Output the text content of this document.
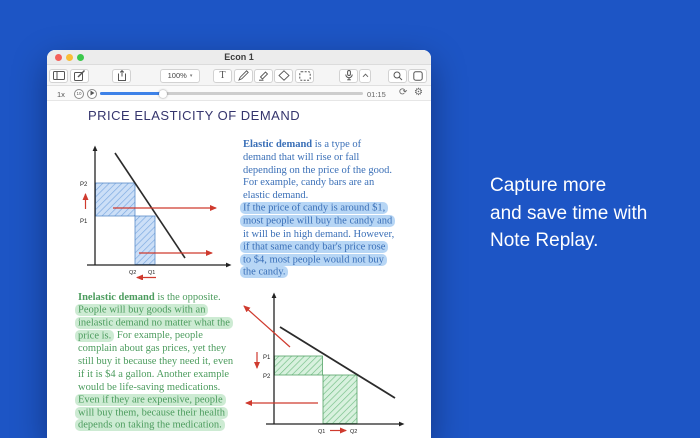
Econ 1
100% ▾	T
1x	10	01:15 ⟳ ⚙
PRICE ELASTICITY OF DEMAND
P2
P1
Q2 Q1
P1
P2
Q1	Q2
Elastic demand is a type of
demand that will rise or fall
depending on the price of the good.
For example, candy bars are an
elastic demand.
If the price of candy is around $1,
most people will buy the candy and
it will be in high demand. However,
if that same candy bar's price rose
to $4, most people would not buy
the candy.
Inelastic demand is the opposite.
People will buy goods with an
inelastic demand no matter what the
price is. For example, people
complain about gas prices, yet they
still buy it because they need it, even
if it is $4 a gallon. Another example
would be life-saving medications.
Even if they are expensive, people
will buy them, because their health
depends on taking the medication.
Capture more
and save time with
Note Replay.
